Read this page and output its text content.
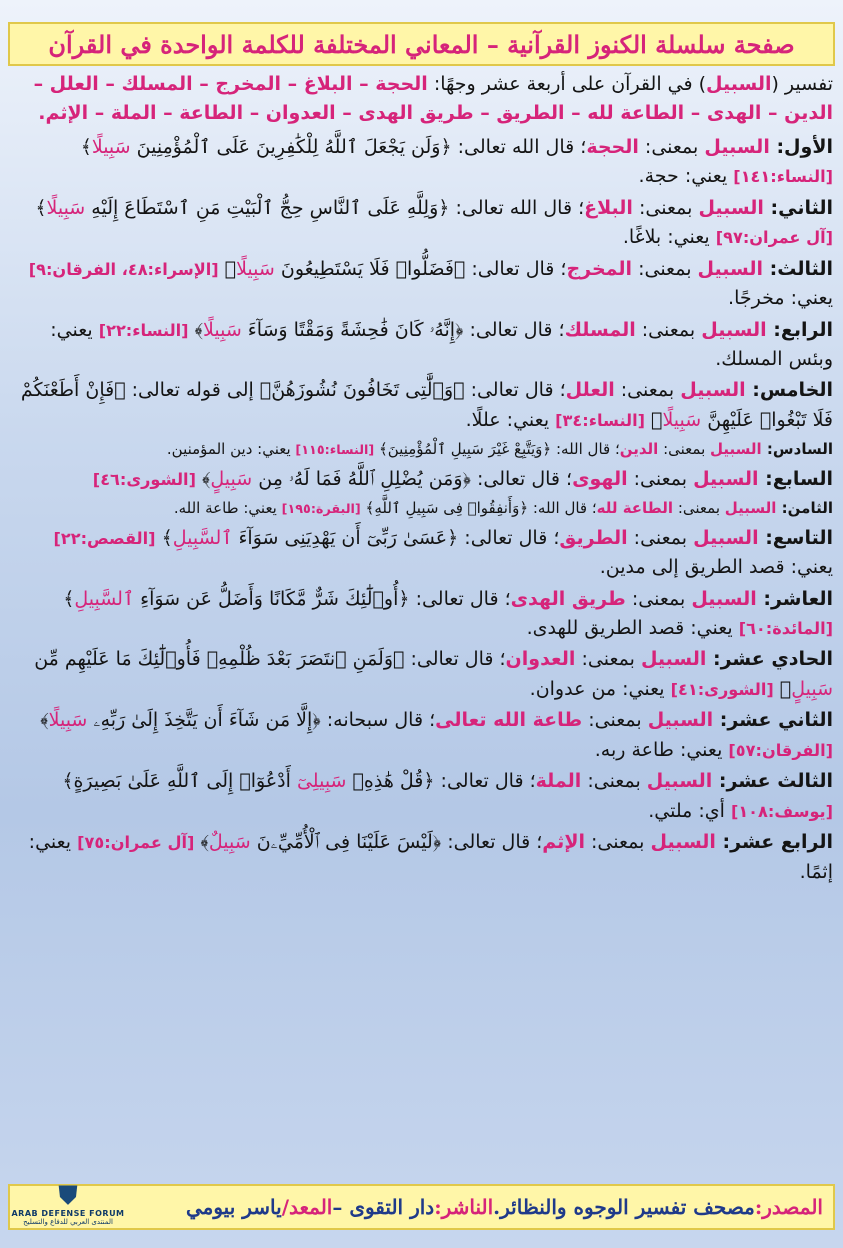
صفحة سلسلة الكنوز القرآنية – المعاني المختلفة للكلمة الواحدة في القرآن

تفسير (السبيل) في القرآن على أربعة عشر وجهًا: الحجة – البلاغ – المخرج – المسلك – العلل – الدين – الهدى – الطاعة لله – الطريق – طريق الهدى – العدوان – الطاعة – الملة – الإثم.

الأول: السبيل بمعنى: الحجة؛ قال الله تعالى: ﴿وَلَن يَجْعَلَ ٱللَّهُ لِلْكَٰفِرِينَ عَلَى ٱلْمُؤْمِنِينَ سَبِيلًا﴾ [النساء:١٤١] يعني: حجة.

الثاني: السبيل بمعنى: البلاغ؛ قال الله تعالى: ﴿وَلِلَّهِ عَلَى ٱلنَّاسِ حِجُّ ٱلْبَيْتِ مَنِ ٱسْتَطَاعَ إِلَيْهِ سَبِيلًا﴾ [آل عمران:٩٧] يعني: بلاغًا.

الثالث: السبيل بمعنى: المخرج؛ قال تعالى: ﴿فَضَلُّوا۟ فَلَا يَسْتَطِيعُونَ سَبِيلًا﴾ [الإسراء:٤٨، الفرقان:٩] يعني: مخرجًا.

الرابع: السبيل بمعنى: المسلك؛ قال تعالى: ﴿إِنَّهُۥ كَانَ فَٰحِشَةً وَمَقْتًا وَسَآءَ سَبِيلًا﴾ [النساء:٢٢] يعني: وبئس المسلك.

الخامس: السبيل بمعنى: العلل؛ قال تعالى: ﴿وَٱلَّٰتِى تَخَافُونَ نُشُوزَهُنَّ﴾ إلى قوله تعالى: ﴿فَإِنْ أَطَعْنَكُمْ فَلَا تَبْغُوا۟ عَلَيْهِنَّ سَبِيلًا﴾ [النساء:٣٤] يعني: عللًا.

السادس: السبيل بمعنى: الدين؛ قال الله: ﴿وَيَتَّبِعْ غَيْرَ سَبِيلِ ٱلْمُؤْمِنِينَ﴾ [النساء:١١٥] يعني: دين المؤمنين.

السابع: السبيل بمعنى: الهوى؛ قال تعالى: ﴿وَمَن يُضْلِلِ ٱللَّهُ فَمَا لَهُۥ مِن سَبِيلٍ﴾ [الشورى:٤٦]

الثامن: السبيل بمعنى: الطاعة لله؛ قال الله: ﴿وَأَنفِقُوا۟ فِى سَبِيلِ ٱللَّهِ﴾ [البقرة:١٩٥] يعني: طاعة الله.

التاسع: السبيل بمعنى: الطريق؛ قال تعالى: ﴿عَسَىٰ رَبِّىٓ أَن يَهْدِيَنِى سَوَآءَ ٱلسَّبِيلِ﴾ [القصص:٢٢] يعني: قصد الطريق إلى مدين.

العاشر: السبيل بمعنى: طريق الهدى؛ قال تعالى: ﴿أُو۟لَٰٓئِكَ شَرٌّ مَّكَانًا وَأَضَلُّ عَن سَوَآءِ ٱلسَّبِيلِ﴾ [المائدة:٦٠] يعني: قصد الطريق للهدى.

الحادي عشر: السبيل بمعنى: العدوان؛ قال تعالى: ﴿وَلَمَنِ ٱنتَصَرَ بَعْدَ ظُلْمِهِۦ فَأُو۟لَٰٓئِكَ مَا عَلَيْهِم مِّن سَبِيلٍ﴾ [الشورى:٤١] يعني: من عدوان.

الثاني عشر: السبيل بمعنى: طاعة الله تعالى؛ قال سبحانه: ﴿إِلَّا مَن شَآءَ أَن يَتَّخِذَ إِلَىٰ رَبِّهِۦ سَبِيلًا﴾ [الفرقان:٥٧] يعني: طاعة ربه.

الثالث عشر: السبيل بمعنى: الملة؛ قال تعالى: ﴿قُلْ هَٰذِهِۦ سَبِيلِىٓ أَدْعُوٓا۟ إِلَى ٱللَّهِ عَلَىٰ بَصِيرَةٍ﴾ [يوسف:١٠٨] أي: ملتي.

الرابع عشر: السبيل بمعنى: الإثم؛ قال تعالى: ﴿لَيْسَ عَلَيْنَا فِى ٱلْأُمِّيِّۦنَ سَبِيلٌ﴾ [آل عمران:٧٥] يعني: إثمًا.

المصدر:
مصحف تفسير الوجوه والنظائر.
الناشر:
دار التقوى –
المعد/
ياسر بيومي
⛊
ARAB DEFENSE FORUM
المنتدى العربي للدفاع والتسليح
